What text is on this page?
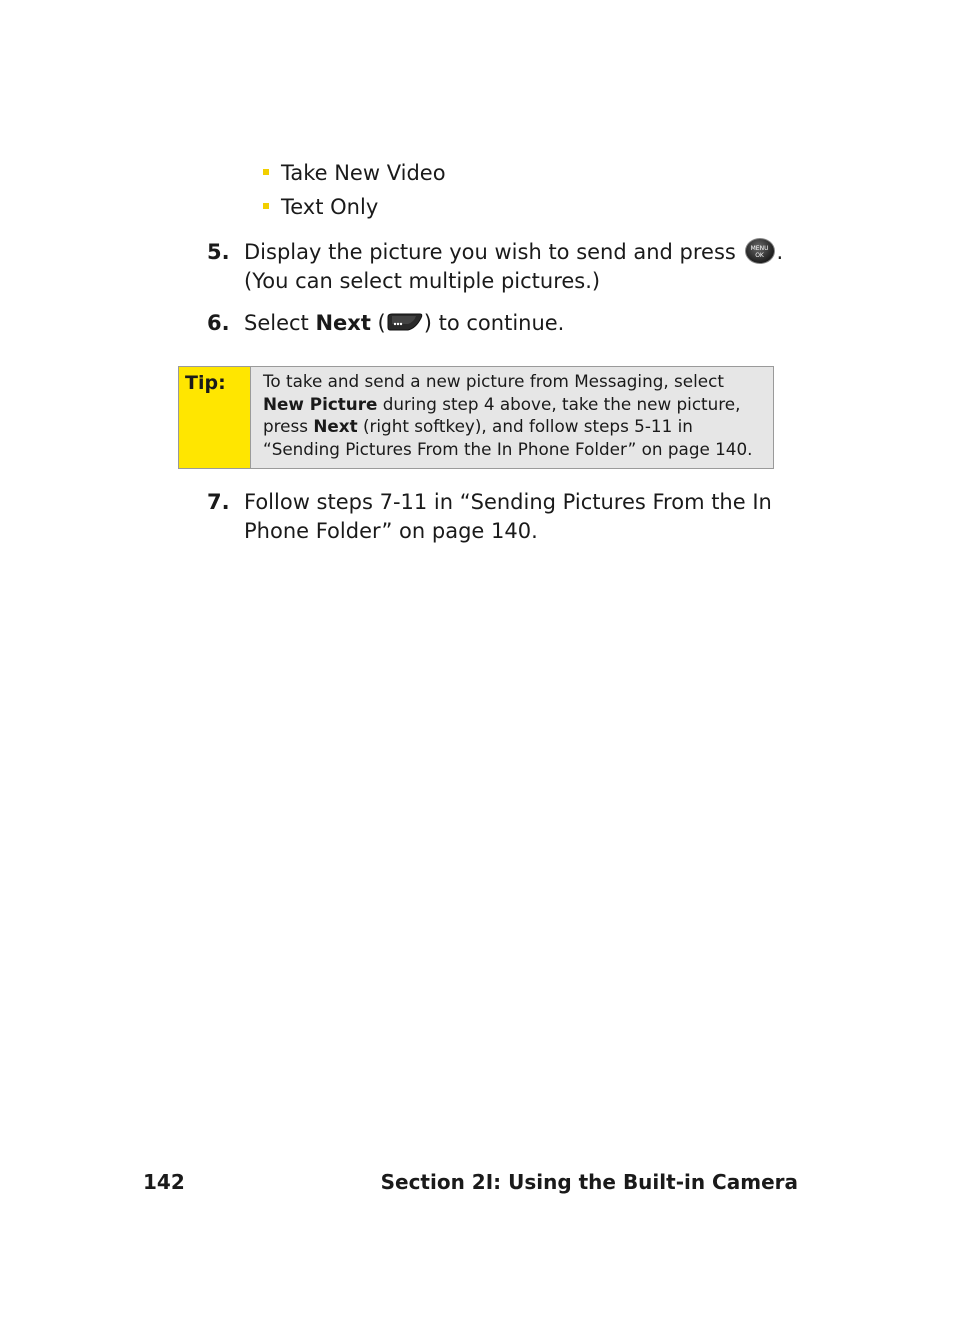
Take New Video
Text Only
5. Display the picture you wish to send and press MENU
OK . (You can select multiple pictures.)
6. Select Next ( ) to continue.
Tip:	To take and send a new picture from Messaging, select New Picture during step 4 above, take the new picture, press Next (right softkey), and follow steps 5-11 in “Sending Pictures From the In Phone Folder” on page 140.
7. Follow steps 7-11 in “Sending Pictures From the In Phone Folder” on page 140.
142	Section 2I: Using the Built-in Camera
